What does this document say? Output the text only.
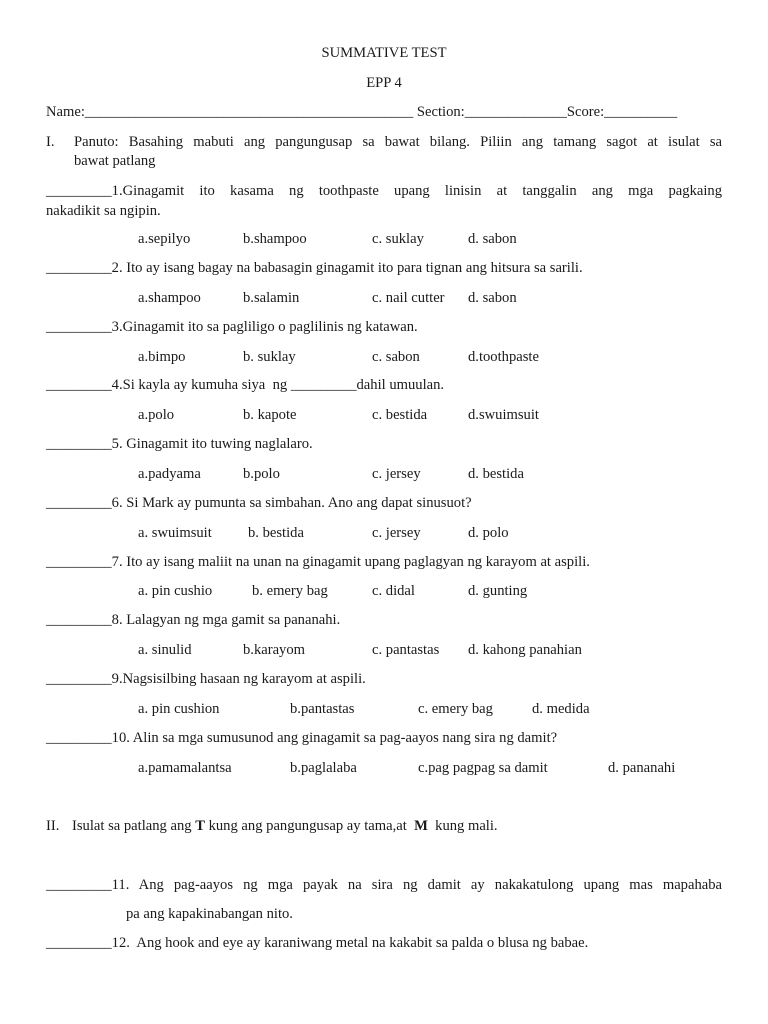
SUMMATIVE TEST
EPP 4
Name:_____________________________________________ Section:______________Score:__________
I. Panuto: Basahing mabuti ang pangungusap sa bawat bilang. Piliin ang tamang sagot at isulat sa
bawat patlang
_________1.Ginagamit ito kasama ng toothpaste upang linisin at tanggalin ang mga pagkaing
nakadikit sa ngipin.
a.sepilyo	b.shampoo	c. suklay	d. sabon
_________2. Ito ay isang bagay na babasagin ginagamit ito para tignan ang hitsura sa sarili.
a.shampoo	b.salamin	c. nail cutter d. sabon
_________3.Ginagamit ito sa pagliligo o paglilinis ng katawan.
a.bimpo	b. suklay	c. sabon	d.toothpaste
_________4.Si kayla ay kumuha siya  ng _________dahil umuulan.
a.polo	b. kapote	c. bestida	d.swuimsuit
_________5. Ginagamit ito tuwing naglalaro.
a.padyama	b.polo	c. jersey	d. bestida
_________6. Si Mark ay pumunta sa simbahan. Ano ang dapat sinusuot?
a. swuimsuit b. bestida	c. jersey	d. polo
_________7. Ito ay isang maliit na unan na ginagamit upang paglagyan ng karayom at aspili.
a. pin cushio	b. emery bag	c. didal	d. gunting
_________8. Lalagyan ng mga gamit sa pananahi.
a. sinulid	b.karayom	c. pantastas d. kahong panahian
_________9.Nagsisilbing hasaan ng karayom at aspili.
a. pin cushion	b.pantastas	c. emery bag	d. medida
_________10. Alin sa mga sumusunod ang ginagamit sa pag-aayos nang sira ng damit?
a.pamamalantsa	b.paglalaba	c.pag pagpag sa damit	d. pananahi
II. Isulat sa patlang ang T kung ang pangungusap ay tama,at  M  kung mali.
_________11. Ang pag-aayos ng mga payak na sira ng damit ay nakakatulong upang mas mapahaba
pa ang kapakinabangan nito.
_________12.  Ang hook and eye ay karaniwang metal na kakabit sa palda o blusa ng babae.
